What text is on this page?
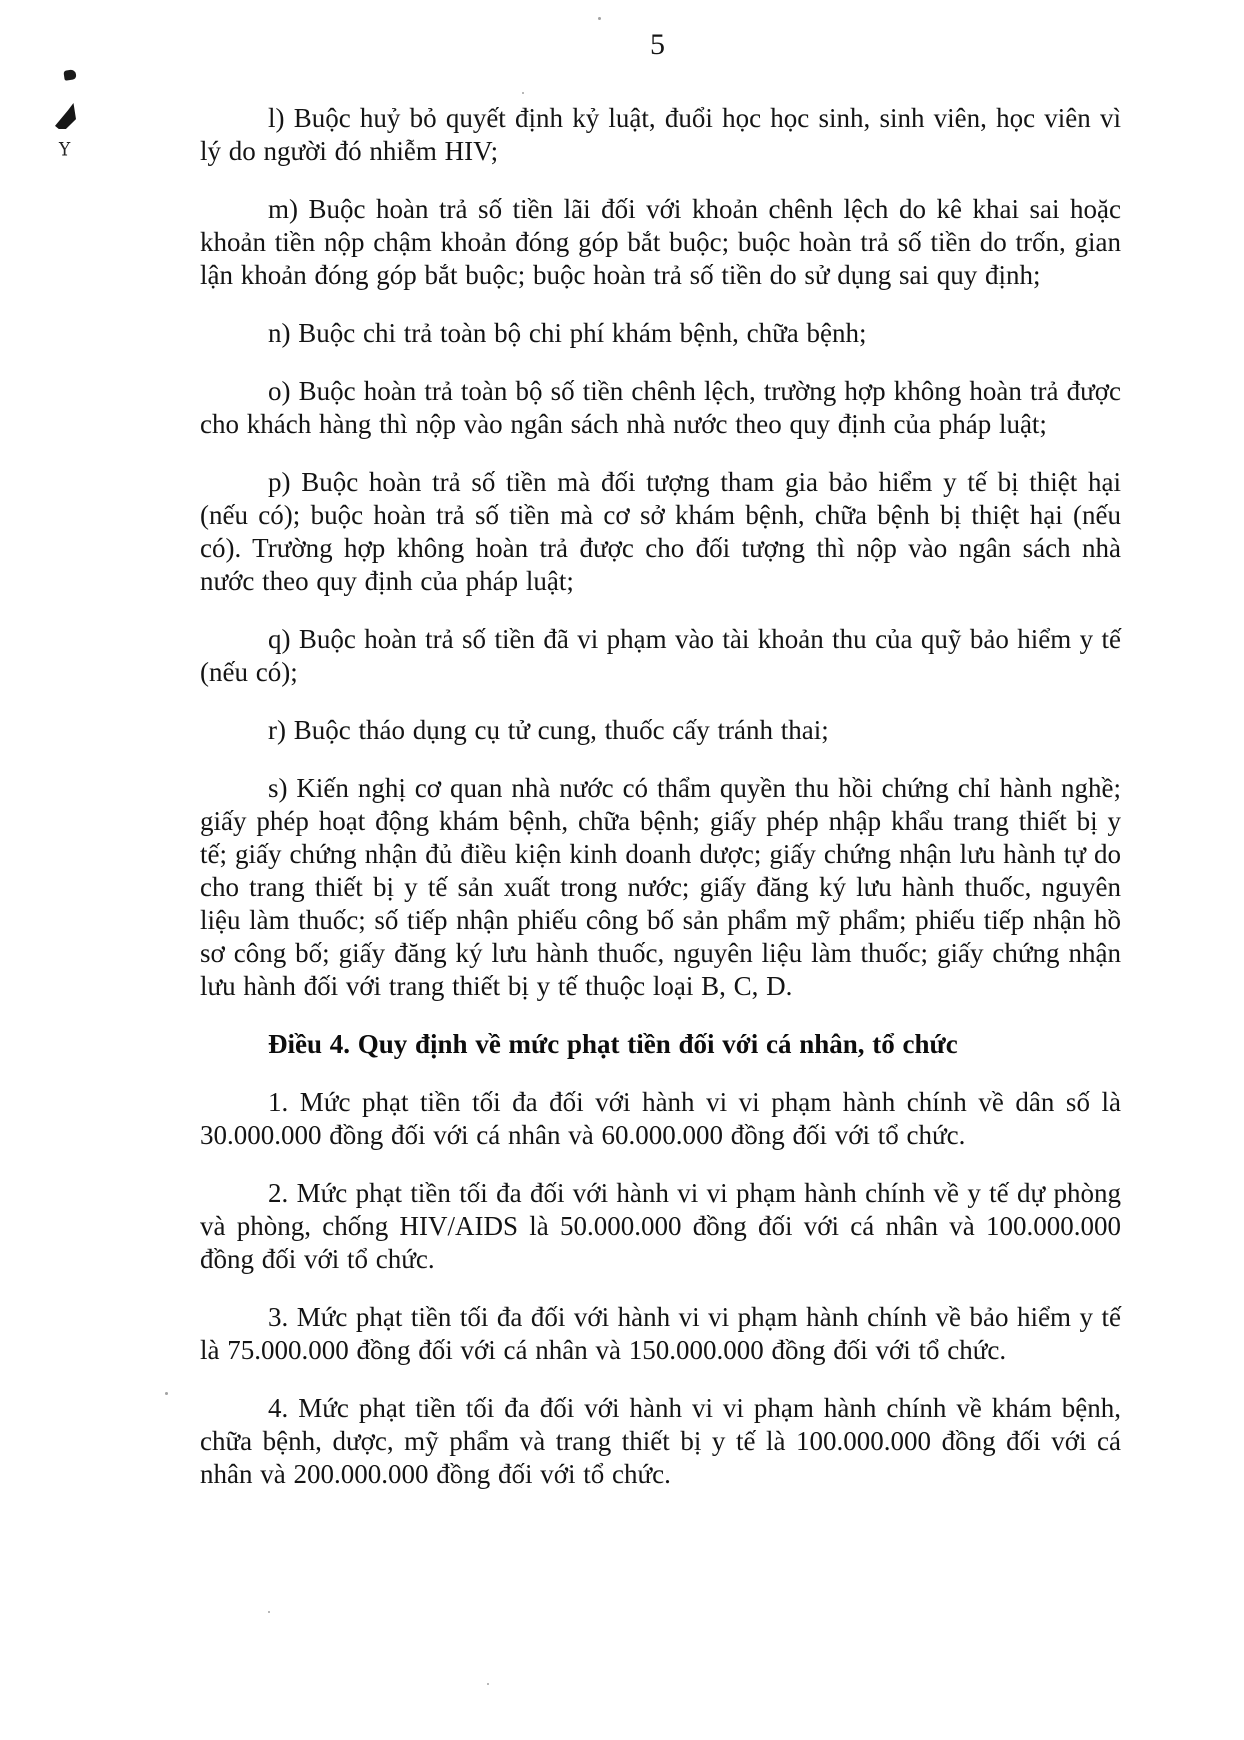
Y
5

l) Buộc huỷ bỏ quyết định kỷ luật, đuổi học học sinh, sinh viên, học viên vì lý do người đó nhiễm HIV;

m) Buộc hoàn trả số tiền lãi đối với khoản chênh lệch do kê khai sai hoặc khoản tiền nộp chậm khoản đóng góp bắt buộc; buộc hoàn trả số tiền do trốn, gian lận khoản đóng góp bắt buộc; buộc hoàn trả số tiền do sử dụng sai quy định;

n) Buộc chi trả toàn bộ chi phí khám bệnh, chữa bệnh;

o) Buộc hoàn trả toàn bộ số tiền chênh lệch, trường hợp không hoàn trả được cho khách hàng thì nộp vào ngân sách nhà nước theo quy định của pháp luật;

p) Buộc hoàn trả số tiền mà đối tượng tham gia bảo hiểm y tế bị thiệt hại (nếu có); buộc hoàn trả số tiền mà cơ sở khám bệnh, chữa bệnh bị thiệt hại (nếu có). Trường hợp không hoàn trả được cho đối tượng thì nộp vào ngân sách nhà nước theo quy định của pháp luật;

q) Buộc hoàn trả số tiền đã vi phạm vào tài khoản thu của quỹ bảo hiểm y tế (nếu có);

r) Buộc tháo dụng cụ tử cung, thuốc cấy tránh thai;

s) Kiến nghị cơ quan nhà nước có thẩm quyền thu hồi chứng chỉ hành nghề; giấy phép hoạt động khám bệnh, chữa bệnh; giấy phép nhập khẩu trang thiết bị y tế; giấy chứng nhận đủ điều kiện kinh doanh dược; giấy chứng nhận lưu hành tự do cho trang thiết bị y tế sản xuất trong nước; giấy đăng ký lưu hành thuốc, nguyên liệu làm thuốc; số tiếp nhận phiếu công bố sản phẩm mỹ phẩm; phiếu tiếp nhận hồ sơ công bố; giấy đăng ký lưu hành thuốc, nguyên liệu làm thuốc; giấy chứng nhận lưu hành đối với trang thiết bị y tế thuộc loại B, C, D.

Điều 4. Quy định về mức phạt tiền đối với cá nhân, tổ chức

1. Mức phạt tiền tối đa đối với hành vi vi phạm hành chính về dân số là 30.000.000 đồng đối với cá nhân và 60.000.000 đồng đối với tổ chức.

2. Mức phạt tiền tối đa đối với hành vi vi phạm hành chính về y tế dự phòng và phòng, chống HIV/AIDS là 50.000.000 đồng đối với cá nhân và 100.000.000 đồng đối với tổ chức.

3. Mức phạt tiền tối đa đối với hành vi vi phạm hành chính về bảo hiểm y tế là 75.000.000 đồng đối với cá nhân và 150.000.000 đồng đối với tổ chức.

4. Mức phạt tiền tối đa đối với hành vi vi phạm hành chính về khám bệnh, chữa bệnh, dược, mỹ phẩm và trang thiết bị y tế là 100.000.000 đồng đối với cá nhân và 200.000.000 đồng đối với tổ chức.
